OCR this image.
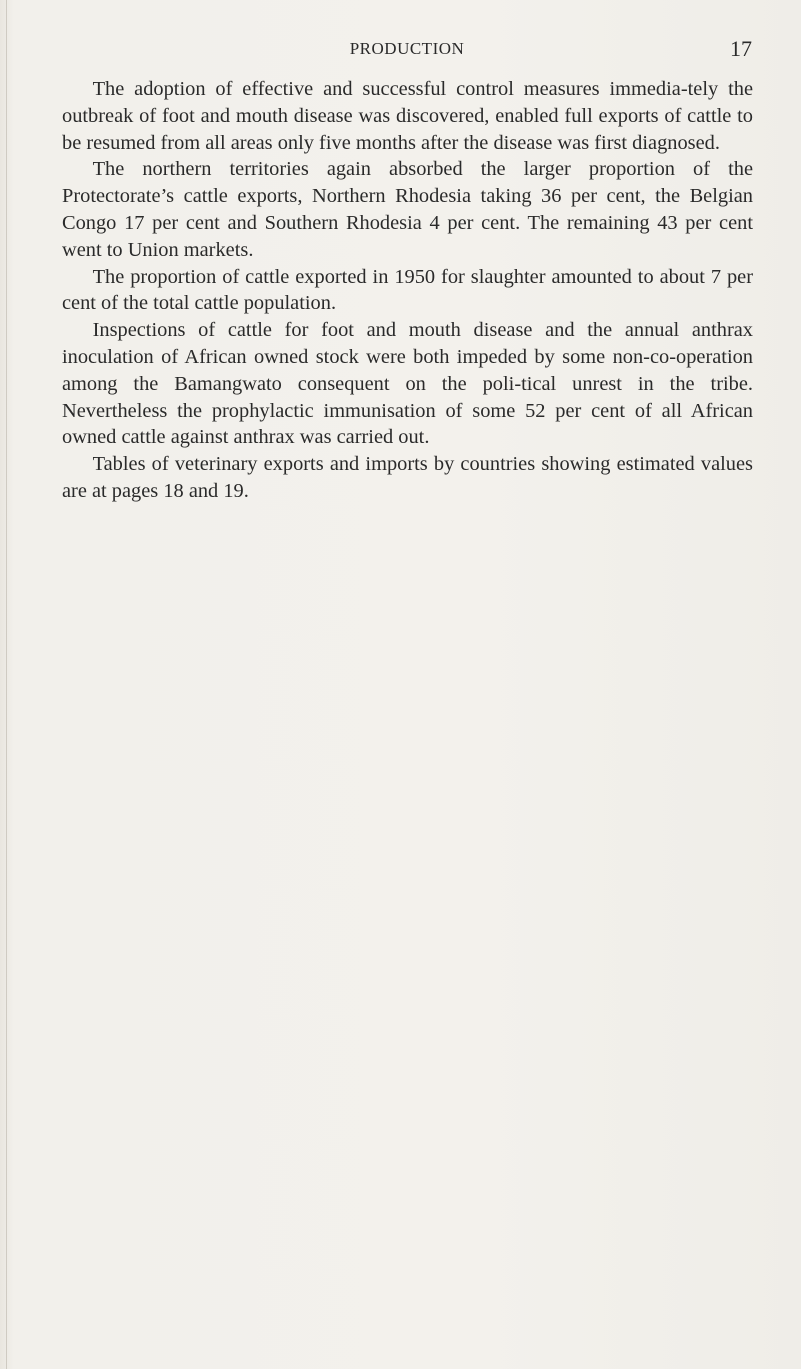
PRODUCTION	17

The adoption of effective and successful control measures immedia-tely the outbreak of foot and mouth disease was discovered, enabled full exports of cattle to be resumed from all areas only five months after the disease was first diagnosed.

The northern territories again absorbed the larger proportion of the Protectorate’s cattle exports, Northern Rhodesia taking 36 per cent, the Belgian Congo 17 per cent and Southern Rhodesia 4 per cent. The remaining 43 per cent went to Union markets.

The proportion of cattle exported in 1950 for slaughter amounted to about 7 per cent of the total cattle population.

Inspections of cattle for foot and mouth disease and the annual anthrax inoculation of African owned stock were both impeded by some non-co-operation among the Bamangwato consequent on the poli-tical unrest in the tribe. Nevertheless the prophylactic immunisation of some 52 per cent of all African owned cattle against anthrax was carried out.

Tables of veterinary exports and imports by countries showing estimated values are at pages 18 and 19.
